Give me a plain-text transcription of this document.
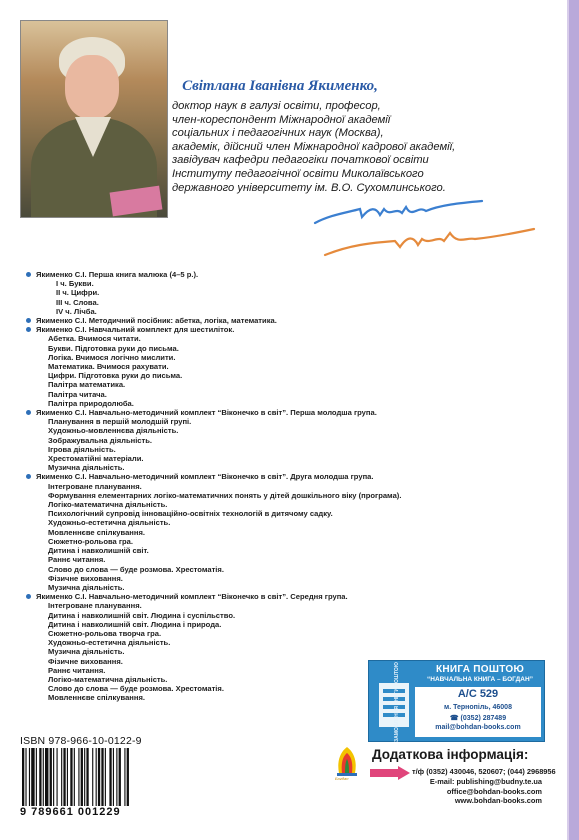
Світлана Іванівна Якименко,
доктор наук в галузі освіти, професор,
член-кореспондент Міжнародної академії
соціальних і педагогічних наук (Москва),
академік, дійсний член Міжнародної кадрової академії,
завідувач кафедри педагогіки початкової освіти
Інституту педагогічної освіти Миколаївського
державного університету ім. В.О. Сухомлинського.
Якименко С.І. Перша книга малюка (4–5 р.).
І ч. Букви.
ІІ ч. Цифри.
ІІІ ч. Слова.
IV ч. Лічба.
Якименко С.І. Методичний посібник: абетка, логіка, математика.
Якименко С.І. Навчальний комплект для шестиліток.
Абетка. Вчимося читати.
Букви. Підготовка руки до письма.
Логіка. Вчимося логічно мислити.
Математика. Вчимося рахувати.
Цифри. Підготовка руки до письма.
Палітра математика.
Палітра читача.
Палітра природолюба.
Якименко С.І. Навчально-методичний комплект “Віконечко в світ”. Перша молодша група.
Планування в першій молодшій групі.
Художньо-мовленнєва діяльність.
Зображувальна діяльність.
Ігрова діяльність.
Хрестоматійні матеріали.
Музична діяльність.
Якименко С.І. Навчально-методичний комплект “Віконечко в світ”. Друга молодша група.
Інтегроване планування.
Формування елементарних логіко-математичних понять у дітей дошкільного віку (програма).
Логіко-математична діяльність.
Психологічний супровід інноваційно-освітніх технологій в дитячому садку.
Художньо-естетична діяльність.
Мовленнєве спілкування.
Сюжетно-рольова гра.
Дитина і навколишній світ.
Раннє читання.
Слово до слова — буде розмова. Хрестоматія.
Фізичне виховання.
Музична діяльність.
Якименко С.І. Навчально-методичний комплект “Віконечко в світ”. Середня група.
Інтегроване планування.
Дитина і навколишній світ. Людина і суспільство.
Дитина і навколишній світ. Людина і природа.
Сюжетно-рольова творча гра.
Художньо-естетична діяльність.
Музична діяльність.
Фізичне виховання.
Раннє читання.
Логіко-математична діяльність.
Слово до слова — буде розмова. Хрестоматія.
Мовленнєве спілкування.
КНИГА ПОШТОЮ
“НАВЧАЛЬНА КНИГА – БОГДАН”
ЗАМОВЛЕННЯ КНИГИ ПОШТОЮ	А/С 529
м. Тернопіль, 46008
☎ (0352) 287489
mail@bohdan-books.com
ISBN 978-966-10-0122-9
9 789661 001229
Богдан
Додаткова інформація:
т/ф (0352) 430046, 520607; (044) 2968956
E-mail: publishing@budny.te.ua
office@bohdan-books.com
www.bohdan-books.com
